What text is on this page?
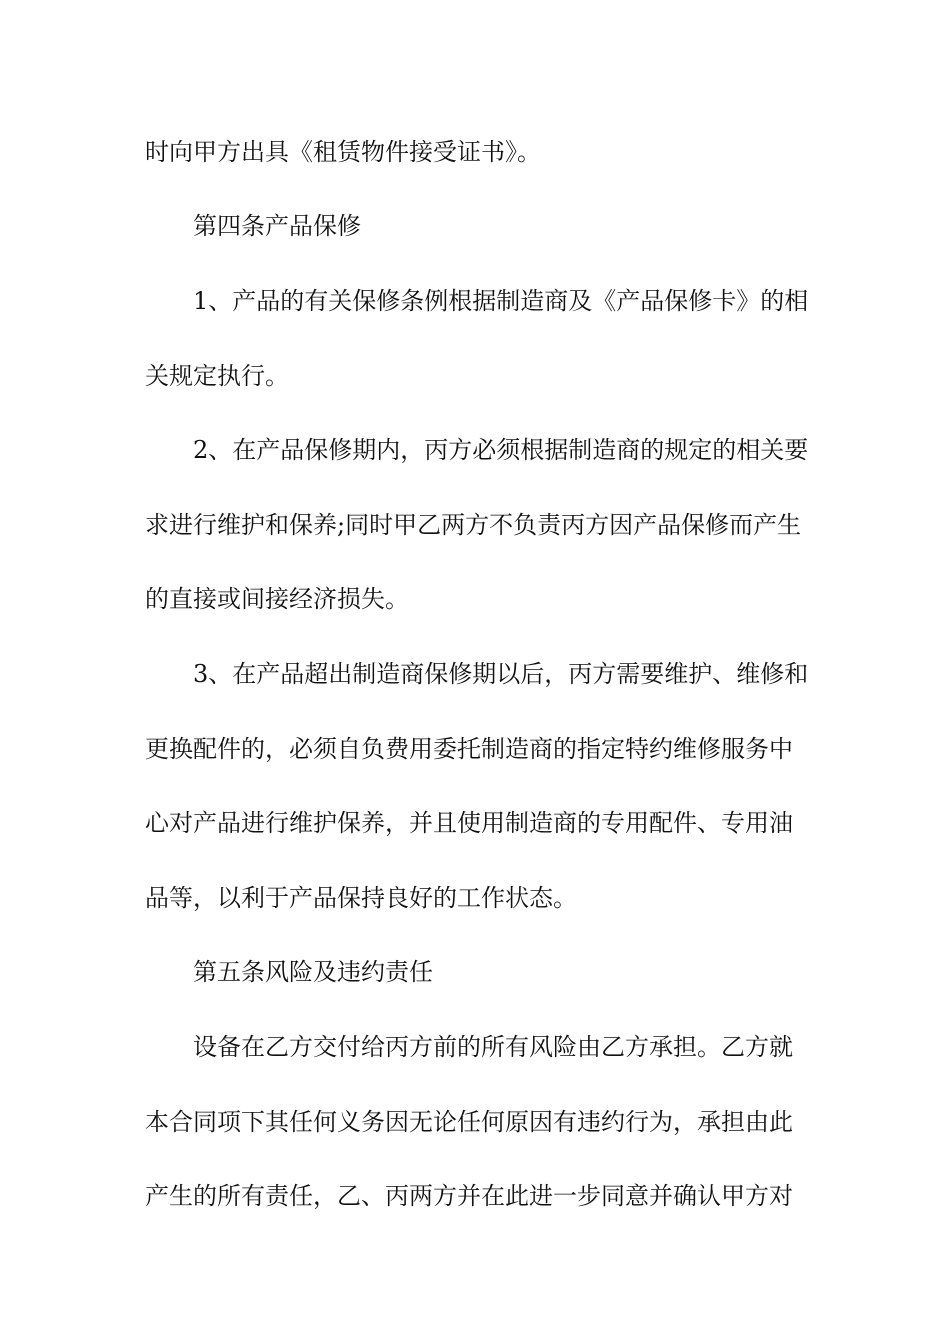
时向甲方出具《租赁物件接受证书》。
第四条产品保修
1、产品的有关保修条例根据制造商及《产品保修卡》的相
关规定执行。
2、在产品保修期内，丙方必须根据制造商的规定的相关要
求进行维护和保养;同时甲乙两方不负责丙方因产品保修而产生
的直接或间接经济损失。
3、在产品超出制造商保修期以后，丙方需要维护、维修和
更换配件的，必须自负费用委托制造商的指定特约维修服务中
心对产品进行维护保养，并且使用制造商的专用配件、专用油
品等，以利于产品保持良好的工作状态。
第五条风险及违约责任
设备在乙方交付给丙方前的所有风险由乙方承担。乙方就
本合同项下其任何义务因无论任何原因有违约行为，承担由此
产生的所有责任，乙、丙两方并在此进一步同意并确认甲方对
